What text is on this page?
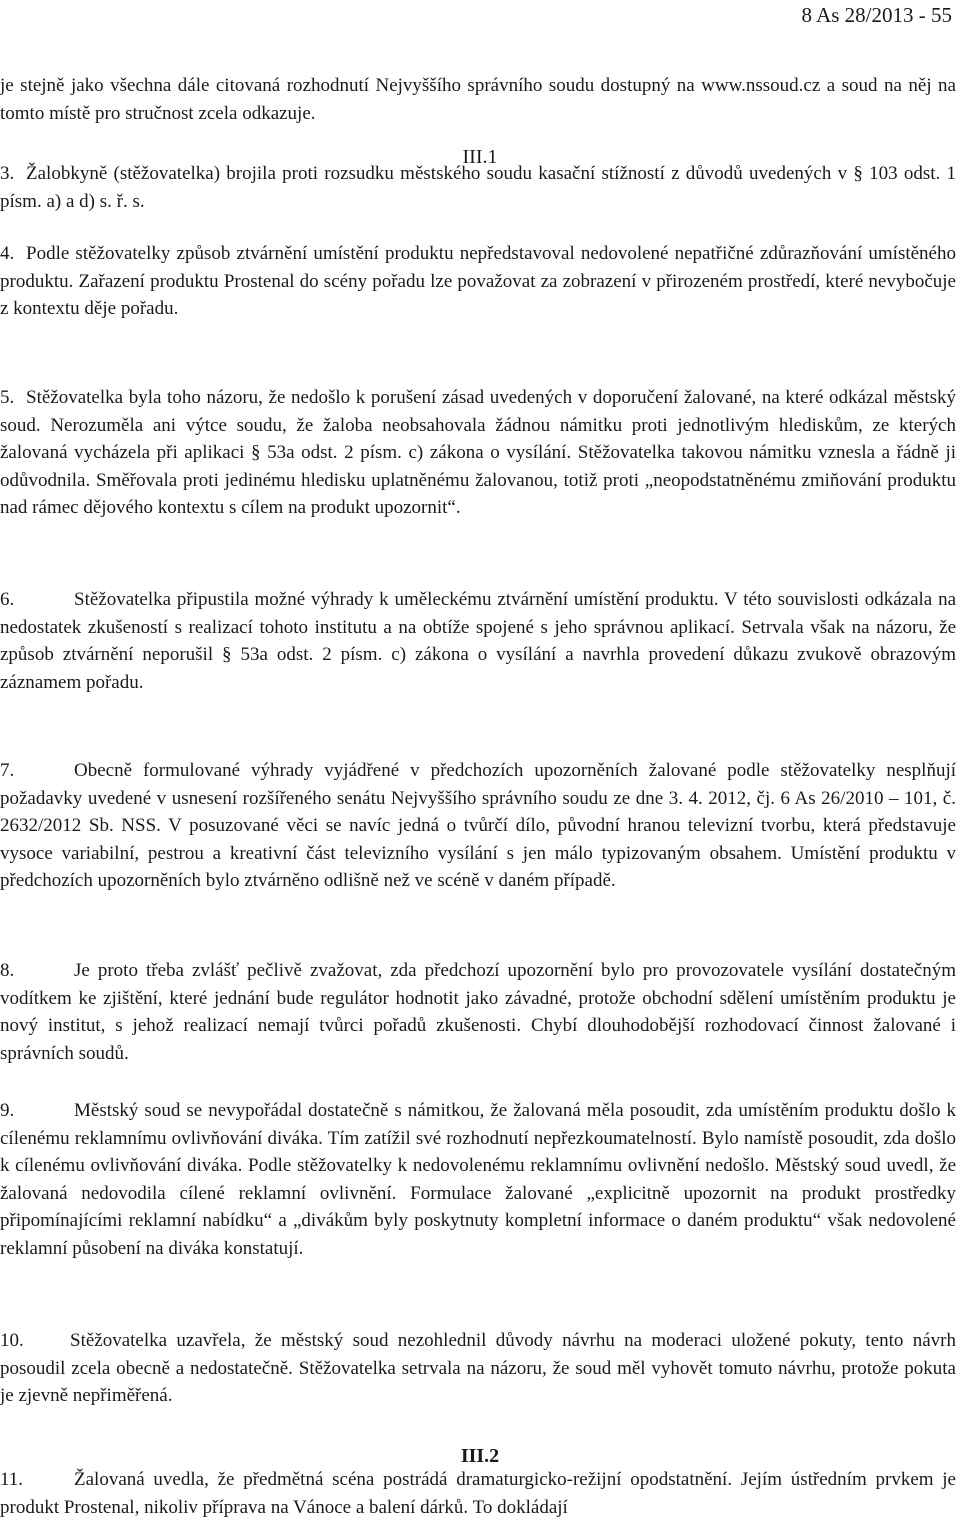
8 As 28/2013 - 55

je stejně jako všechna dále citovaná rozhodnutí Nejvyššího správního soudu dostupný na www.nssoud.cz a soud na něj na tomto místě pro stručnost zcela odkazuje.

III.1

3. Žalobkyně (stěžovatelka) brojila proti rozsudku městského soudu kasační stížností z důvodů uvedených v § 103 odst. 1 písm. a) a d) s. ř. s.

4. Podle stěžovatelky způsob ztvárnění umístění produktu nepředstavoval nedovolené nepatřičné zdůrazňování umístěného produktu. Zařazení produktu Prostenal do scény pořadu lze považovat za zobrazení v přirozeném prostředí, které nevybočuje z kontextu děje pořadu.

5. Stěžovatelka byla toho názoru, že nedošlo k porušení zásad uvedených v doporučení žalované, na které odkázal městský soud. Nerozuměla ani výtce soudu, že žaloba neobsahovala žádnou námitku proti jednotlivým hlediskům, ze kterých žalovaná vycházela při aplikaci § 53a odst. 2 písm. c) zákona o vysílání. Stěžovatelka takovou námitku vznesla a řádně ji odůvodnila. Směřovala proti jedinému hledisku uplatněnému žalovanou, totiž proti „neopodstatněnému zmiňování produktu nad rámec dějového kontextu s cílem na produkt upozornit“.

6.	Stěžovatelka připustila možné výhrady k uměleckému ztvárnění umístění produktu. V této souvislosti odkázala na nedostatek zkušeností s realizací tohoto institutu a na obtíže spojené s jeho správnou aplikací. Setrvala však na názoru, že způsob ztvárnění neporušil § 53a odst. 2 písm. c) zákona o vysílání a navrhla provedení důkazu zvukově obrazovým záznamem pořadu.

7.	Obecně formulované výhrady vyjádřené v předchozích upozorněních žalované podle stěžovatelky nesplňují požadavky uvedené v usnesení rozšířeného senátu Nejvyššího správního soudu ze dne 3. 4. 2012, čj. 6 As 26/2010 – 101, č. 2632/2012 Sb. NSS. V posuzované věci se navíc jedná o tvůrčí dílo, původní hranou televizní tvorbu, která představuje vysoce variabilní, pestrou a kreativní část televizního vysílání s jen málo typizovaným obsahem. Umístění produktu v předchozích upozorněních bylo ztvárněno odlišně než ve scéně v daném případě.

8.	Je proto třeba zvlášť pečlivě zvažovat, zda předchozí upozornění bylo pro provozovatele vysílání dostatečným vodítkem ke zjištění, které jednání bude regulátor hodnotit jako závadné, protože obchodní sdělení umístěním produktu je nový institut, s jehož realizací nemají tvůrci pořadů zkušenosti. Chybí dlouhodobější rozhodovací činnost žalované i správních soudů.

9.	Městský soud se nevypořádal dostatečně s námitkou, že žalovaná měla posoudit, zda umístěním produktu došlo k cílenému reklamnímu ovlivňování diváka. Tím zatížil své rozhodnutí nepřezkoumatelností. Bylo namístě posoudit, zda došlo k cílenému ovlivňování diváka. Podle stěžovatelky k nedovolenému reklamnímu ovlivnění nedošlo. Městský soud uvedl, že žalovaná nedovodila cílené reklamní ovlivnění. Formulace žalované „explicitně upozornit na produkt prostředky připomínajícími reklamní nabídku“ a „divákům byly poskytnuty kompletní informace o daném produktu“ však nedovolené reklamní působení na diváka konstatují.

10. Stěžovatelka uzavřela, že městský soud nezohlednil důvody návrhu na moderaci uložené pokuty, tento návrh posoudil zcela obecně a nedostatečně. Stěžovatelka setrvala na názoru, že soud měl vyhovět tomuto návrhu, protože pokuta je zjevně nepřiměřená.

III.2

11.	Žalovaná uvedla, že předmětná scéna postrádá dramaturgicko-režijní opodstatnění. Jejím ústředním prvkem je produkt Prostenal, nikoliv příprava na Vánoce a balení dárků. To dokládají
